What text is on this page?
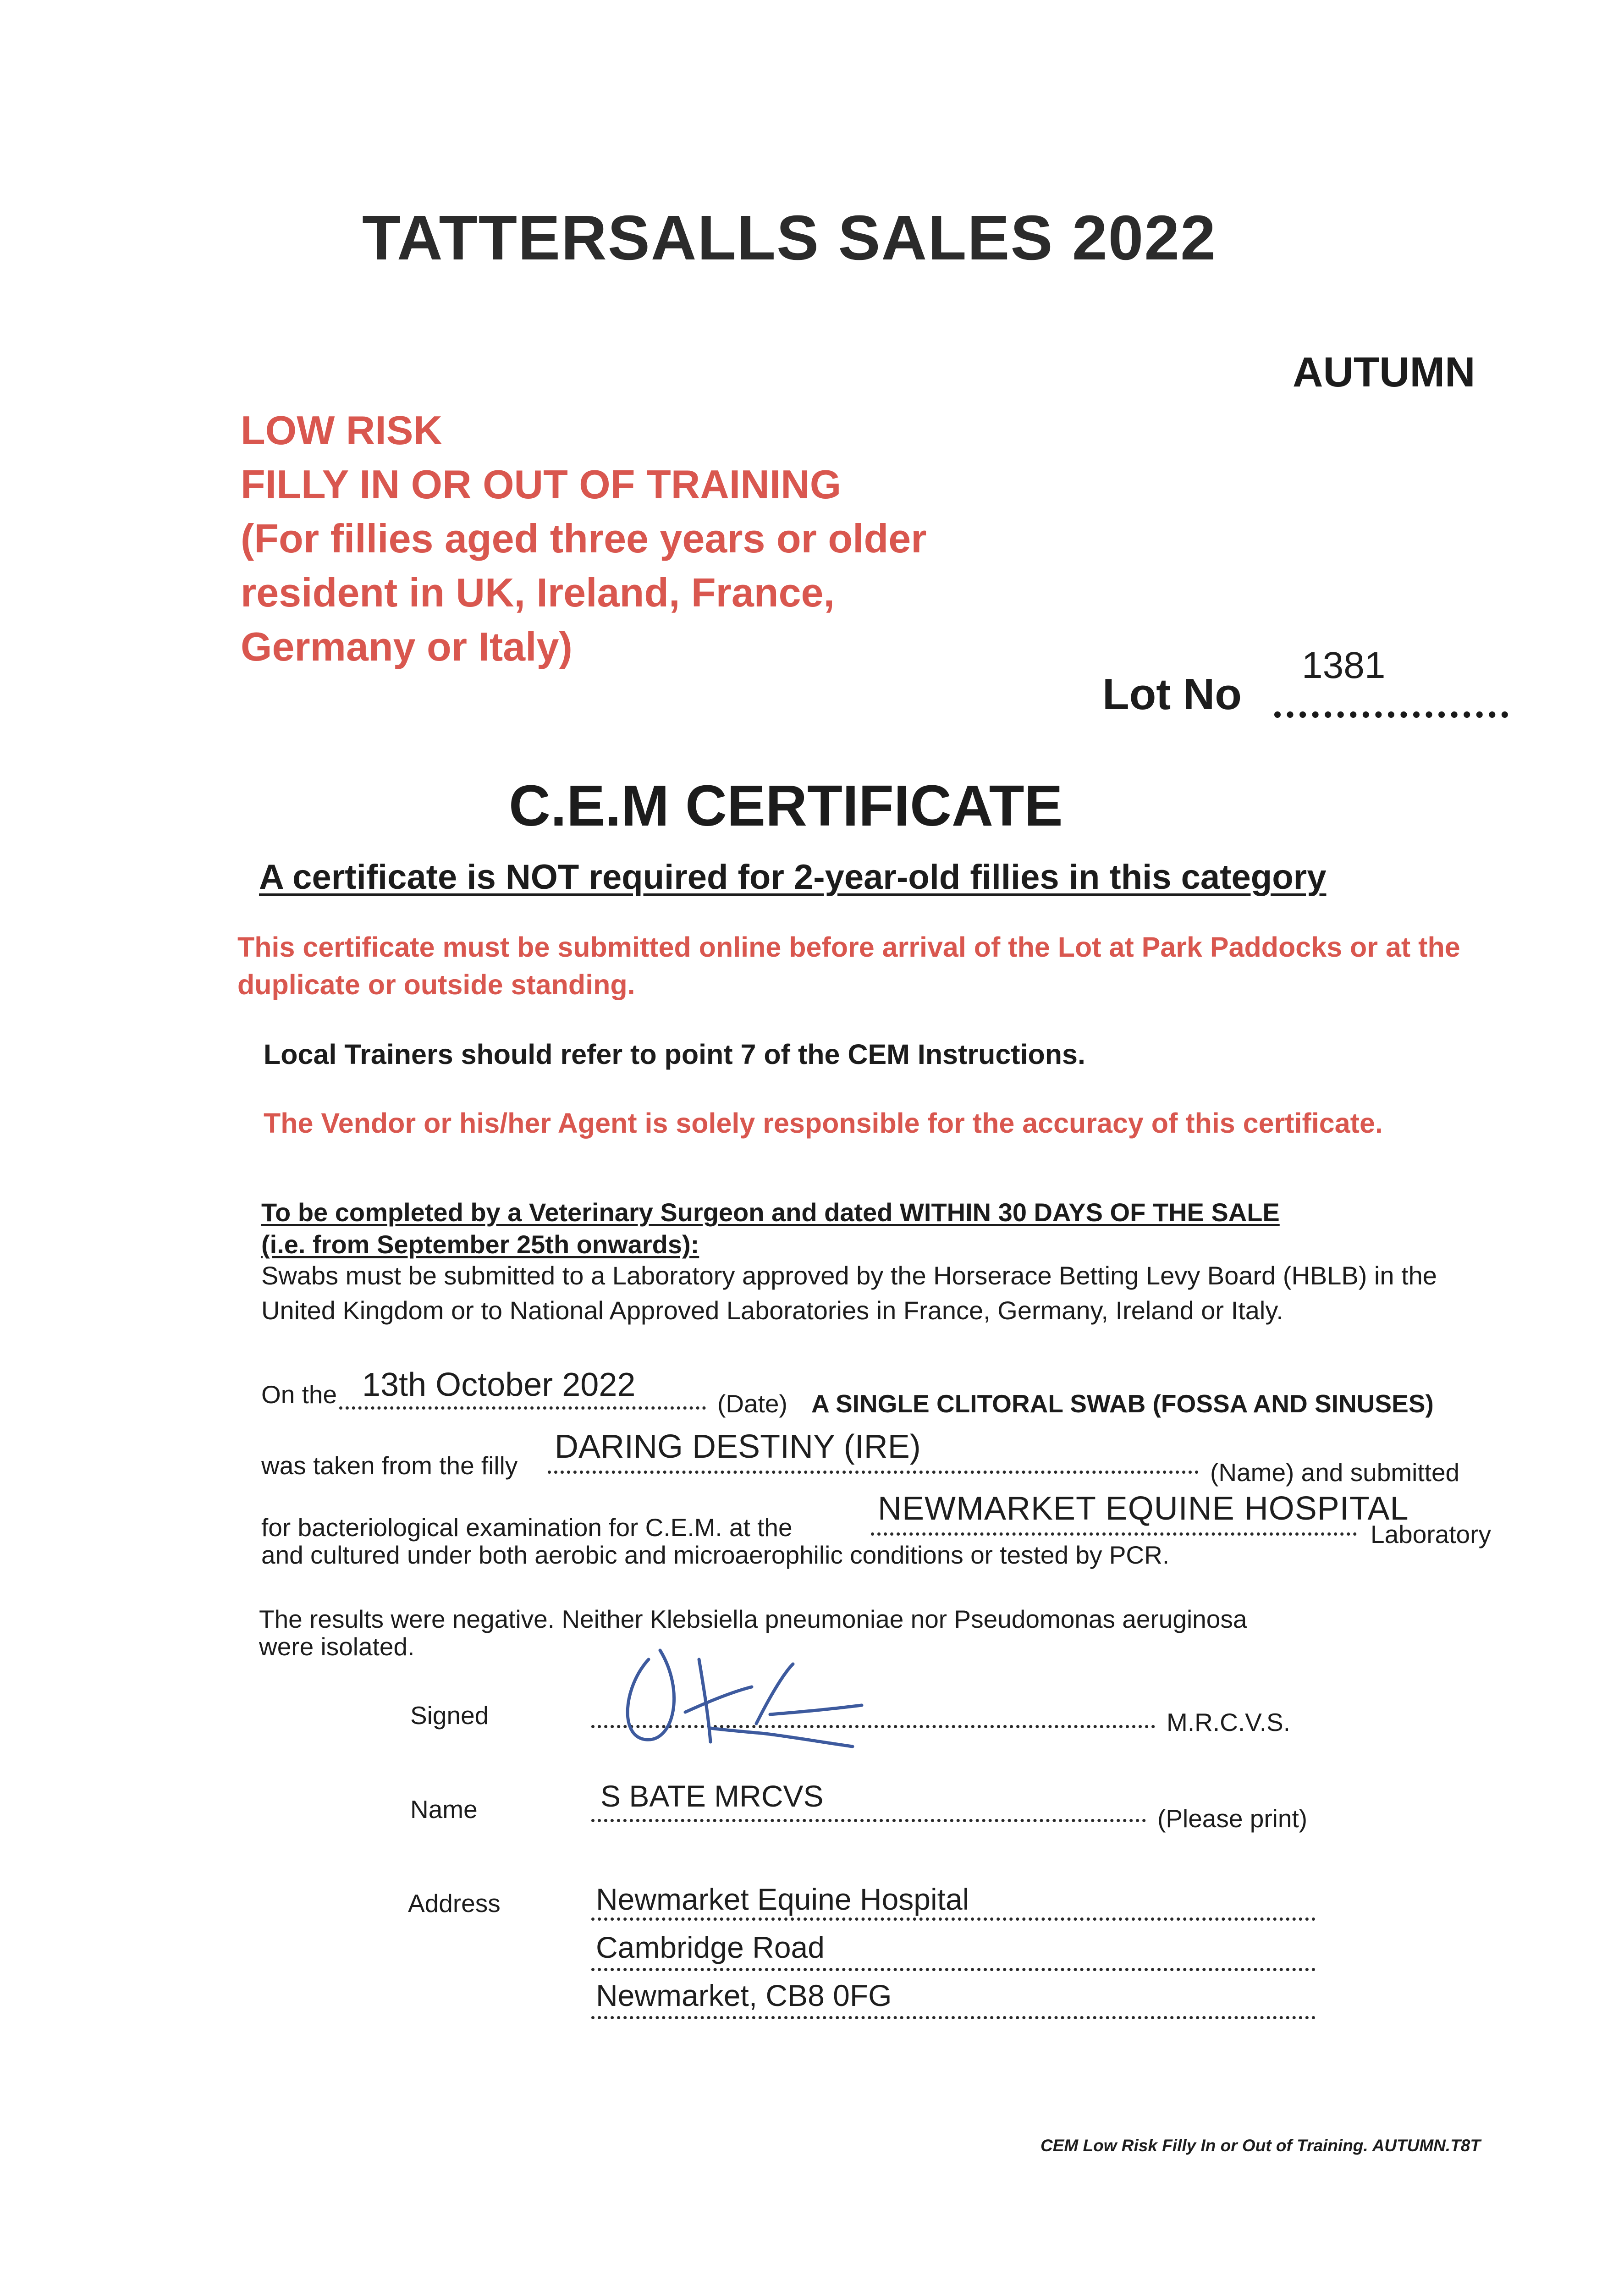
TATTERSALLS SALES 2022
AUTUMN
LOW RISK
FILLY IN OR OUT OF TRAINING
(For fillies aged three years or older
resident in UK, Ireland, France,
Germany or Italy)
Lot No
1381
C.E.M CERTIFICATE
A certificate is NOT required for 2-year-old fillies in this category
This certificate must be submitted online before arrival of the Lot at Park Paddocks or at the duplicate or outside standing.
Local Trainers should refer to point 7 of the CEM Instructions.
The Vendor or his/her Agent is solely responsible for the accuracy of this certificate.
To be completed by a Veterinary Surgeon and dated WITHIN 30 DAYS OF THE SALE
(i.e. from September 25th onwards):
Swabs must be submitted to a Laboratory approved by the Horserace Betting Levy Board (HBLB) in the United Kingdom or to National Approved Laboratories in France, Germany, Ireland or Italy.
On the 13th October 2022
(Date) A SINGLE CLITORAL SWAB (FOSSA AND SINUSES)
was taken from the filly
DARING DESTINY (IRE)
(Name) and submitted
for bacteriological examination for C.E.M. at the
NEWMARKET EQUINE HOSPITAL
Laboratory
and cultured under both aerobic and microaerophilic conditions or tested by PCR.
The results were negative. Neither Klebsiella pneumoniae nor Pseudomonas aeruginosa
were isolated.
Signed	M.R.C.V.S.
Name	S BATE MRCVS
(Please print)
Address	Newmarket Equine Hospital
Cambridge Road
Newmarket, CB8 0FG
CEM Low Risk Filly In or Out of Training. AUTUMN.T8T
